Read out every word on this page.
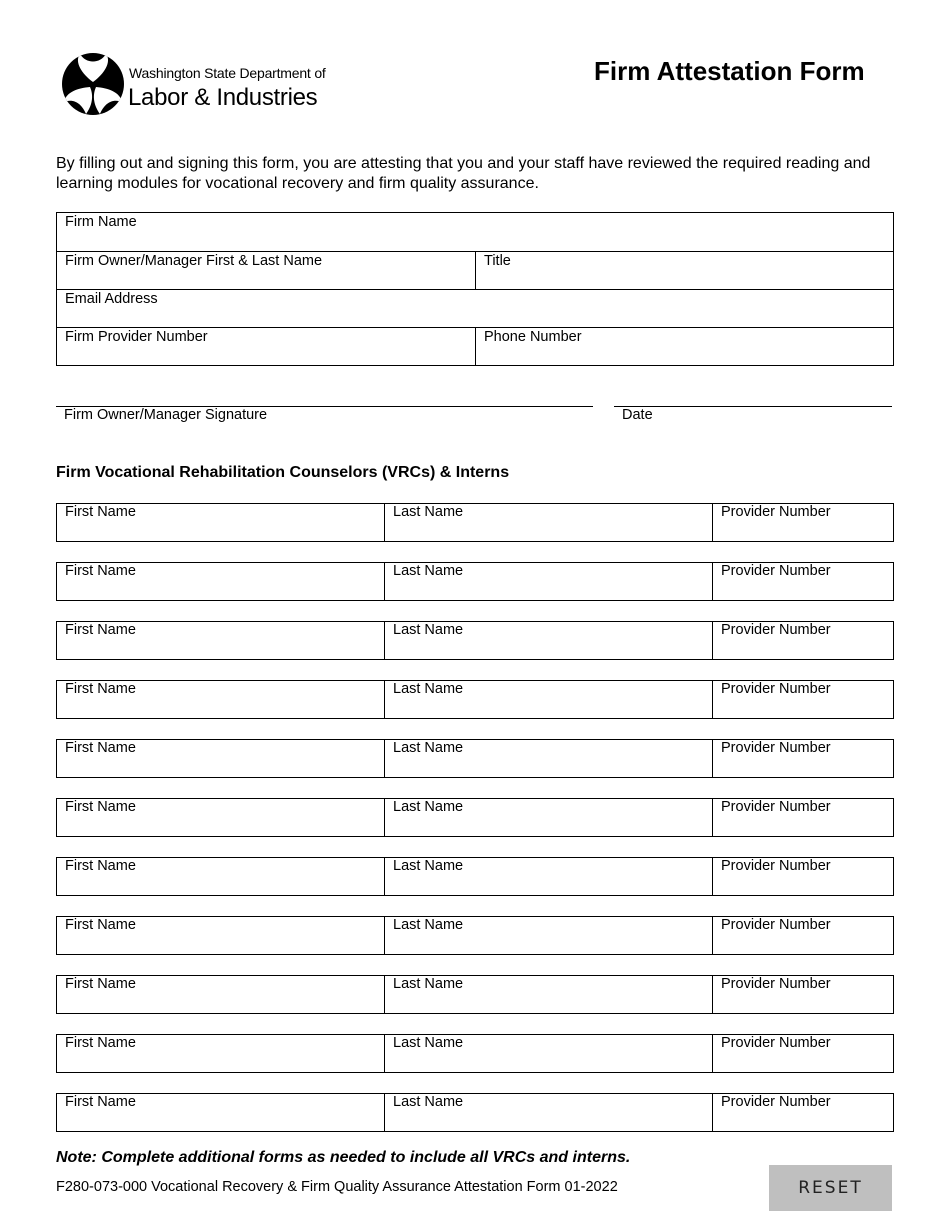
Washington State Department of
Labor & Industries
Firm Attestation Form
By filling out and signing this form, you are attesting that you and your staff have reviewed the required reading and learning modules for vocational recovery and firm quality assurance.
Firm Name
Firm Owner/Manager First & Last Name	Title
Email Address
Firm Provider Number	Phone Number
Firm Owner/Manager Signature	Date
Firm Vocational Rehabilitation Counselors (VRCs) & Interns
First Name	Last Name	Provider Number
First Name	Last Name	Provider Number
First Name	Last Name	Provider Number
First Name	Last Name	Provider Number
First Name	Last Name	Provider Number
First Name	Last Name	Provider Number
First Name	Last Name	Provider Number
First Name	Last Name	Provider Number
First Name	Last Name	Provider Number
First Name	Last Name	Provider Number
First Name	Last Name	Provider Number
Note: Complete additional forms as needed to include all VRCs and interns.
F280-073-000 Vocational Recovery & Firm Quality Assurance Attestation Form 01-2022	RESET
